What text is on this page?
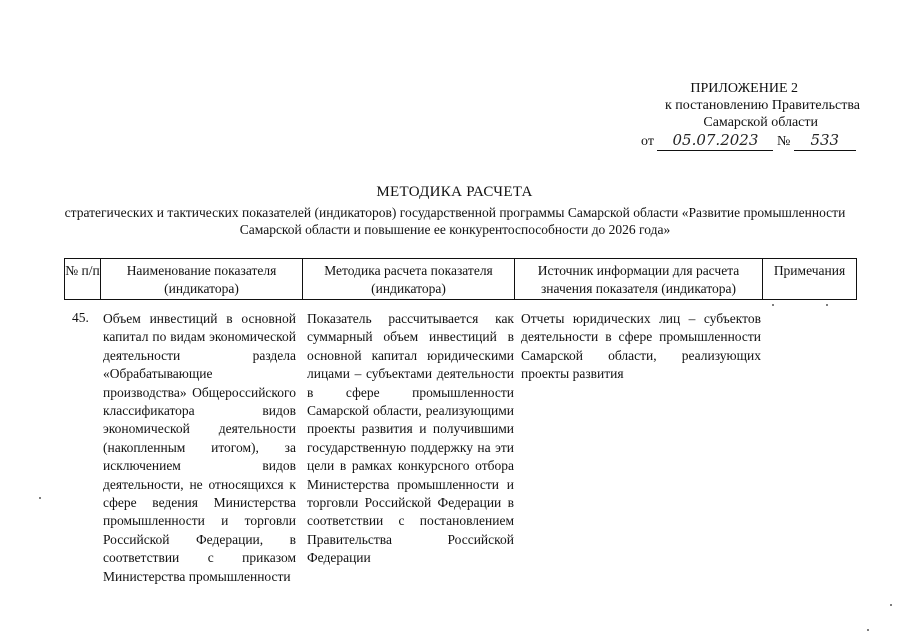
ПРИЛОЖЕНИЕ 2
к постановлению Правительства
Самарской области
от 05.07.2023 № 533
МЕТОДИКА РАСЧЕТА
стратегических и тактических показателей (индикаторов) государственной программы Самарской области «Развитие промышленности Самарской области и повышение ее конкурентоспособности до 2026 года»
№ п/п	Наименование показателя (индикатора)
Методика расчета показателя (индикатора)
Источник информации для расчета значения показателя (индикатора)
Примечания
45. Объем инвестиций в основной капитал по видам экономической деятельности раздела «Обрабатывающие производства» Общероссийского классификатора видов экономической деятельности (накопленным итогом), за исключением видов деятельности, не относящихся к сфере ведения Министерства промышленности и торговли Российской Федерации, в соответствии с приказом Министерства промышленности
Показатель рассчитывается как суммарный объем инвестиций в основной капитал юридическими лицами – субъектами деятельности в сфере промышленности Самарской области, реализующими проекты развития и получившими государственную поддержку на эти цели в рамках конкурсного отбора Министерства промышленности и торговли Российской Федерации в соответствии с постановлением Правительства Российской Федерации
Отчеты юридических лиц – субъектов деятельности в сфере промышленности Самарской области, реализующих проекты развития
